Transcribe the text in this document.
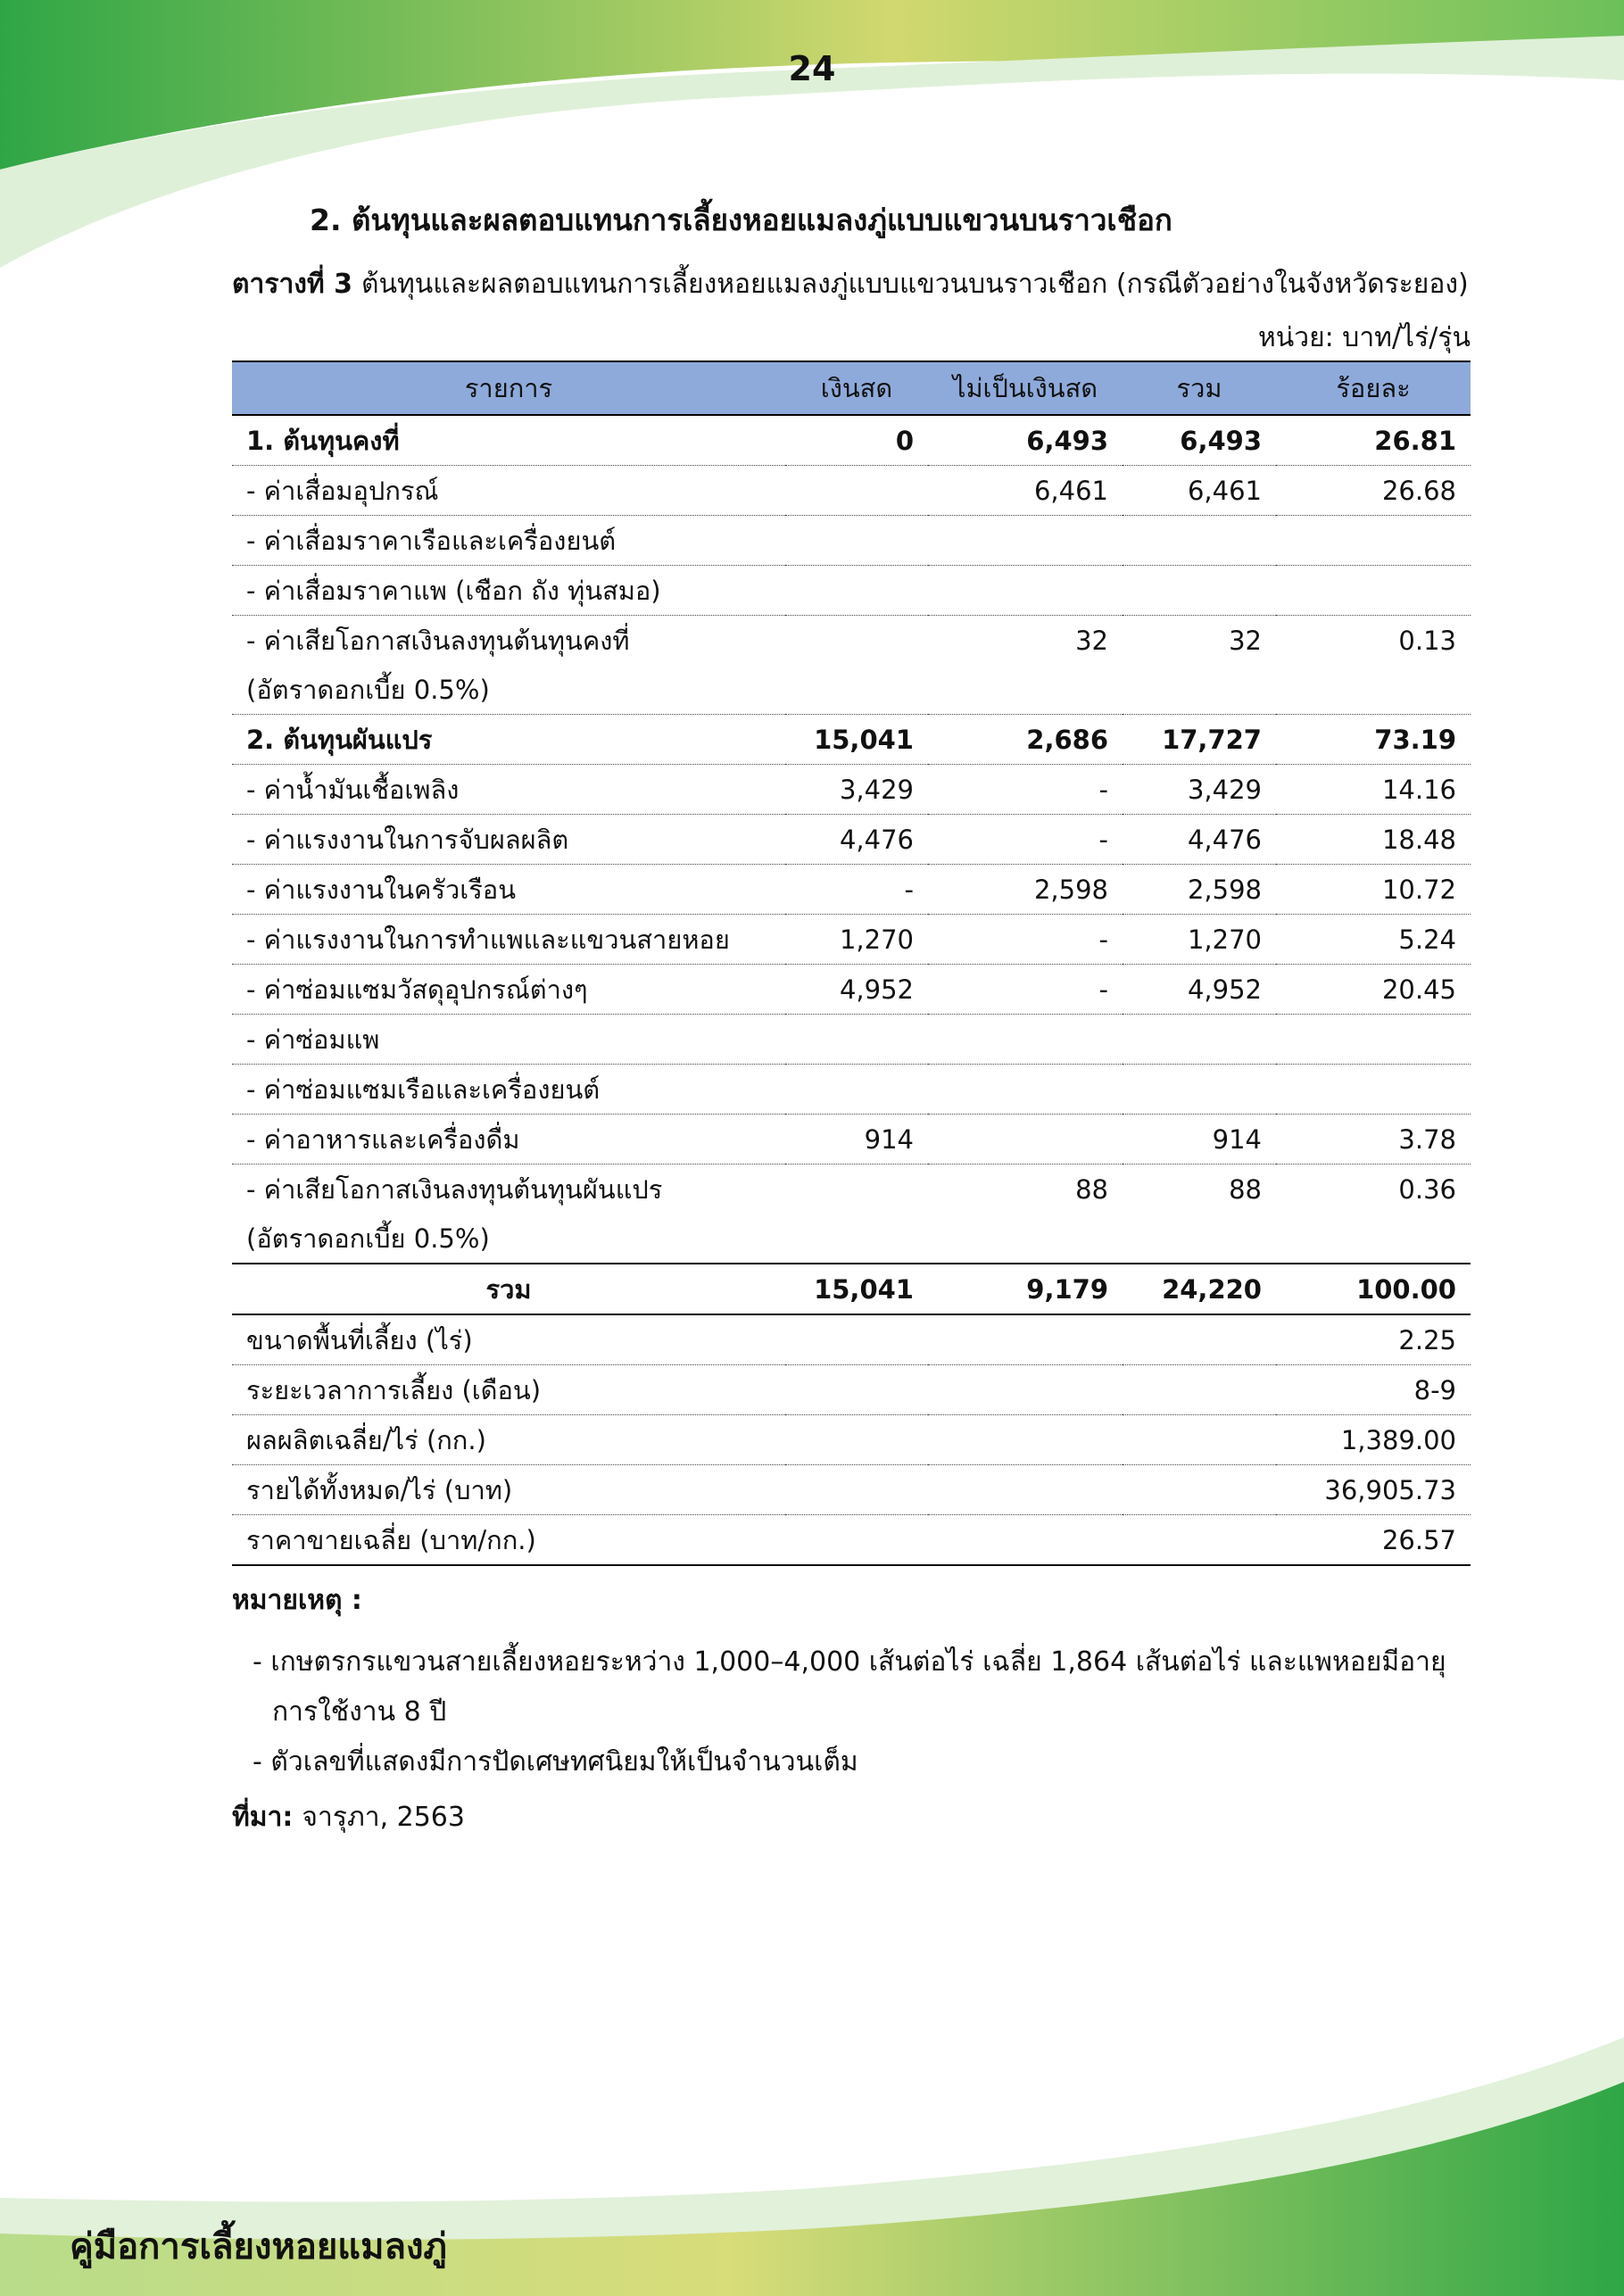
24
2. ต้นทุนและผลตอบแทนการเลี้ยงหอยแมลงภู่แบบแขวนบนราวเชือก
ตารางที่ 3 ต้นทุนและผลตอบแทนการเลี้ยงหอยแมลงภู่แบบแขวนบนราวเชือก (กรณีตัวอย่างในจังหวัดระยอง)
หน่วย: บาท/ไร่/รุ่น
รายการ	เงินสด	ไม่เป็นเงินสด	รวม	ร้อยละ
1. ต้นทุนคงที่	0	6,493	6,493	26.81
- ค่าเสื่อมอุปกรณ์		6,461	6,461	26.68
- ค่าเสื่อมราคาเรือและเครื่องยนต์				
- ค่าเสื่อมราคาแพ (เชือก ถัง ทุ่นสมอ)				
- ค่าเสียโอกาสเงินลงทุนต้นทุนคงที่		32	32	0.13
(อัตราดอกเบี้ย 0.5%)				
2. ต้นทุนผันแปร	15,041	2,686	17,727	73.19
- ค่าน้ำมันเชื้อเพลิง	3,429	-	3,429	14.16
- ค่าแรงงานในการจับผลผลิต	4,476	-	4,476	18.48
- ค่าแรงงานในครัวเรือน	-	2,598	2,598	10.72
- ค่าแรงงานในการทำแพและแขวนสายหอย	1,270	-	1,270	5.24
- ค่าซ่อมแซมวัสดุอุปกรณ์ต่างๆ	4,952	-	4,952	20.45
- ค่าซ่อมแพ				
- ค่าซ่อมแซมเรือและเครื่องยนต์				
- ค่าอาหารและเครื่องดื่ม	914		914	3.78
- ค่าเสียโอกาสเงินลงทุนต้นทุนผันแปร		88	88	0.36
(อัตราดอกเบี้ย 0.5%)				
รวม	15,041	9,179	24,220	100.00
ขนาดพื้นที่เลี้ยง (ไร่)				2.25
ระยะเวลาการเลี้ยง (เดือน)				8-9
ผลผลิตเฉลี่ย/ไร่ (กก.)				1,389.00
รายได้ทั้งหมด/ไร่ (บาท)				36,905.73
ราคาขายเฉลี่ย (บาท/กก.)				26.57
หมายเหตุ :
- เกษตรกรแขวนสายเลี้ยงหอยระหว่าง 1,000–4,000 เส้นต่อไร่ เฉลี่ย 1,864 เส้นต่อไร่ และแพหอยมีอายุการใช้งาน 8 ปี
- ตัวเลขที่แสดงมีการปัดเศษทศนิยมให้เป็นจำนวนเต็ม
ที่มา: จารุภา, 2563
คู่มือการเลี้ยงหอยแมลงภู่
